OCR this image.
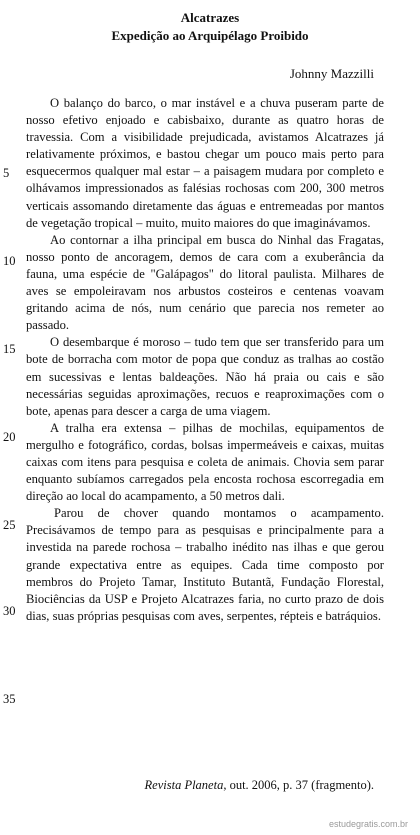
Alcatrazes
Expedição ao Arquipélago Proibido
Johnny Mazzilli
5
10
15
20
25
30
35

O balanço do barco, o mar instável e a chuva puseram parte de nosso efetivo enjoado e cabisbaixo, durante as quatro horas de travessia. Com a visibilidade prejudicada, avistamos Alcatrazes já relativamente próximos, e bastou chegar um pouco mais perto para esquecermos qualquer mal estar – a paisagem mudara por completo e olhávamos impressionados as falésias rochosas com 200, 300 metros verticais assomando diretamente das águas e entremeadas por mantos de vegetação tropical – muito, muito maiores do que imaginávamos.

Ao contornar a ilha principal em busca do Ninhal das Fragatas, nosso ponto de ancoragem, demos de cara com a exuberância da fauna, uma espécie de "Galápagos" do litoral paulista. Milhares de aves se empoleiravam nos arbustos costeiros e centenas voavam gritando acima de nós, num cenário que parecia nos remeter ao passado.

O desembarque é moroso – tudo tem que ser transferido para um bote de borracha com motor de popa que conduz as tralhas ao costão em sucessivas e lentas baldeações. Não há praia ou cais e são necessárias seguidas aproximações, recuos e reaproximações com o bote, apenas para descer a carga de uma viagem.

A tralha era extensa – pilhas de mochilas, equipamentos de mergulho e fotográfico, cordas, bolsas impermeáveis e caixas, muitas caixas com itens para pesquisa e coleta de animais. Chovia sem parar enquanto subíamos carregados pela encosta rochosa escorregadia em direção ao local do acampamento, a 50 metros dali.

Parou de chover quando montamos o acampamento. Precisávamos de tempo para as pesquisas e principalmente para a investida na parede rochosa – trabalho inédito nas ilhas e que gerou grande expectativa entre as equipes. Cada time composto por membros do Projeto Tamar, Instituto Butantã, Fundação Florestal, Biociências da USP e Projeto Alcatrazes faria, no curto prazo de dois dias, suas próprias pesquisas com aves, serpentes, répteis e batráquios.

Revista Planeta, out. 2006, p. 37 (fragmento).
estudegratis.com.br
